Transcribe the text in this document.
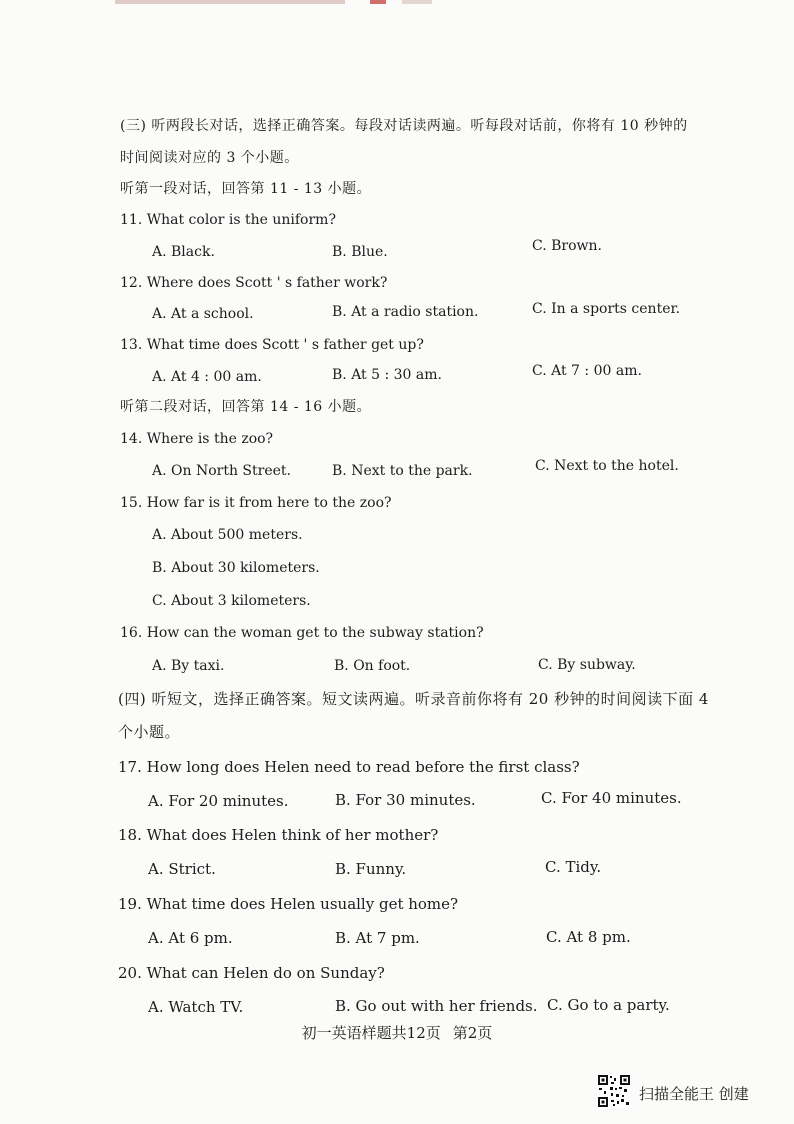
(三) 听两段长对话，选择正确答案。每段对话读两遍。听每段对话前，你将有 10 秒钟的
时间阅读对应的 3 个小题。
听第一段对话，回答第 11 - 13 小题。
11. What color is the uniform?
A. Black.	B. Blue.	C. Brown.
12. Where does Scott ' s father work?
A. At a school.	B. At a radio station.	C. In a sports center.
13. What time does Scott ' s father get up?
A. At 4 : 00 am.	B. At 5 : 30 am.	C. At 7 : 00 am.
听第二段对话，回答第 14 - 16 小题。
14. Where is the zoo?
A. On North Street.	B. Next to the park.	C. Next to the hotel.
15. How far is it from here to the zoo?
A. About 500 meters.
B. About 30 kilometers.
C. About 3 kilometers.
16. How can the woman get to the subway station?
A. By taxi.	B. On foot.	C. By subway.
(四) 听短文，选择正确答案。短文读两遍。听录音前你将有 20 秒钟的时间阅读下面 4
个小题。
17. How long does Helen need to read before the first class?
A. For 20 minutes.	B. For 30 minutes.	C. For 40 minutes.
18. What does Helen think of her mother?
A. Strict.	B. Funny.	C. Tidy.
19. What time does Helen usually get home?
A. At 6 pm.	B. At 7 pm.	C. At 8 pm.
20. What can Helen do on Sunday?
A. Watch TV.	B. Go out with her friends. C. Go to a party.
初一英语样题共12页 第2页
扫描全能王 创建
